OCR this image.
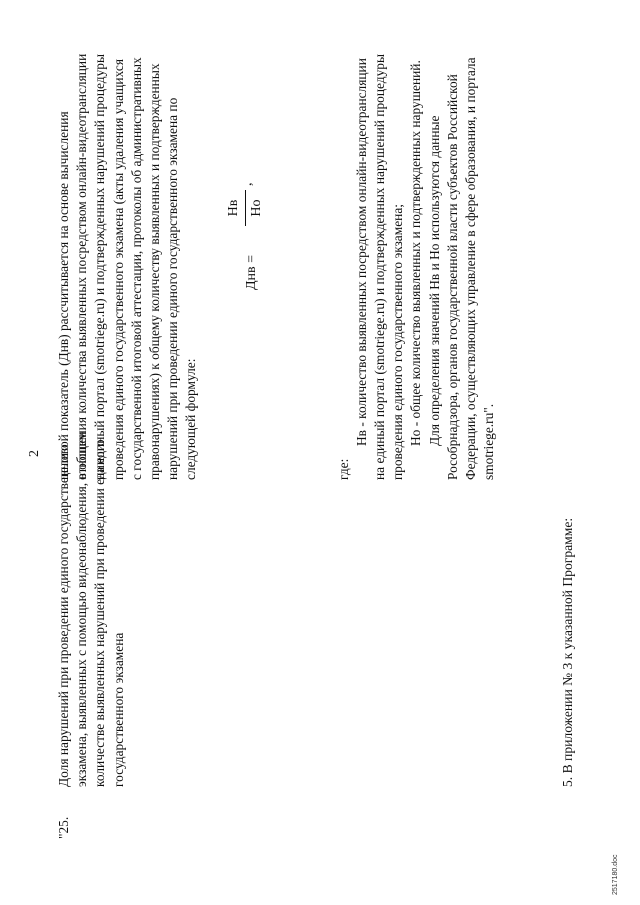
2
"25.
Доля нарушений при проведении единого государственного экзамена, выявленных с помощью видеонаблюдения, в общем количестве выявленных нарушений при проведении единого государственного экзамена

целевой показатель (Днв) рассчитывается на основе вычисления отношения количества выявленных посредством онлайн-видеотрансляции на единый портал (smotriege.ru) и подтвержденных нарушений процедуры проведения единого государственного экзамена (акты удаления учащихся с государственной итоговой аттестации, протоколы об административных правонарушениях) к общему количеству выявленных и подтвержденных нарушений при проведении единого государственного экзамена по следующей формуле:

Днв =
Нв Но
,

где:

Нв - количество выявленных посредством онлайн-видеотрансляции на единый портал (smotriege.ru) и подтвержденных нарушений процедуры проведения единого государственного экзамена; Но - общее количество выявленных и подтвержденных нарушений. Для определения значений Нв и Но используются данные Рособрнадзора, органов государственной власти субъектов Российской Федерации, осуществляющих управление в сфере образования, и портала smotriege.ru".

5. В приложении № 3 к указанной Программе:
2517180.doc
